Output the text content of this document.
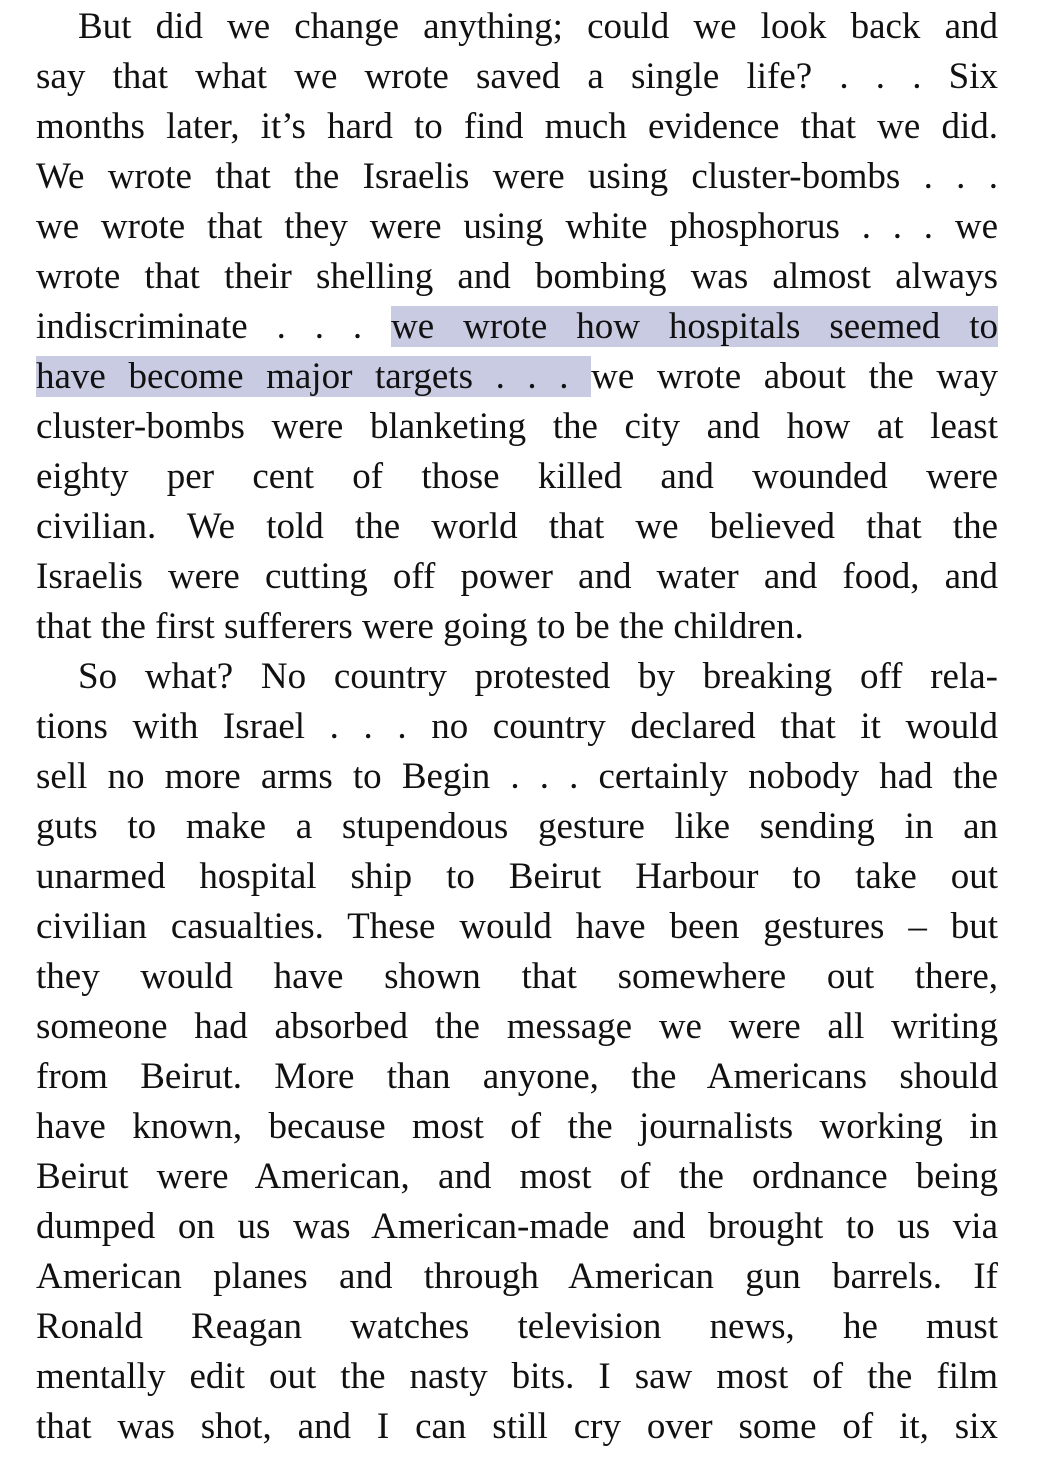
But did we change anything; could we look back and
say that what we wrote saved a single life? . . . Six
months later, it’s hard to find much evidence that we did.
We wrote that the Israelis were using cluster-bombs . . .
we wrote that they were using white phosphorus . . . we
wrote that their shelling and bombing was almost always
indiscriminate . . . we wrote how hospitals seemed to
have become major targets . . . we wrote about the way
cluster-bombs were blanketing the city and how at least
eighty per cent of those killed and wounded were
civilian. We told the world that we believed that the
Israelis were cutting off power and water and food, and
that the first sufferers were going to be the children.
So what? No country protested by breaking off rela-
tions with Israel . . . no country declared that it would
sell no more arms to Begin . . . certainly nobody had the
guts to make a stupendous gesture like sending in an
unarmed hospital ship to Beirut Harbour to take out
civilian casualties. These would have been gestures – but
they would have shown that somewhere out there,
someone had absorbed the message we were all writing
from Beirut. More than anyone, the Americans should
have known, because most of the journalists working in
Beirut were American, and most of the ordnance being
dumped on us was American-made and brought to us via
American planes and through American gun barrels. If
Ronald Reagan watches television news, he must
mentally edit out the nasty bits. I saw most of the film
that was shot, and I can still cry over some of it, six
